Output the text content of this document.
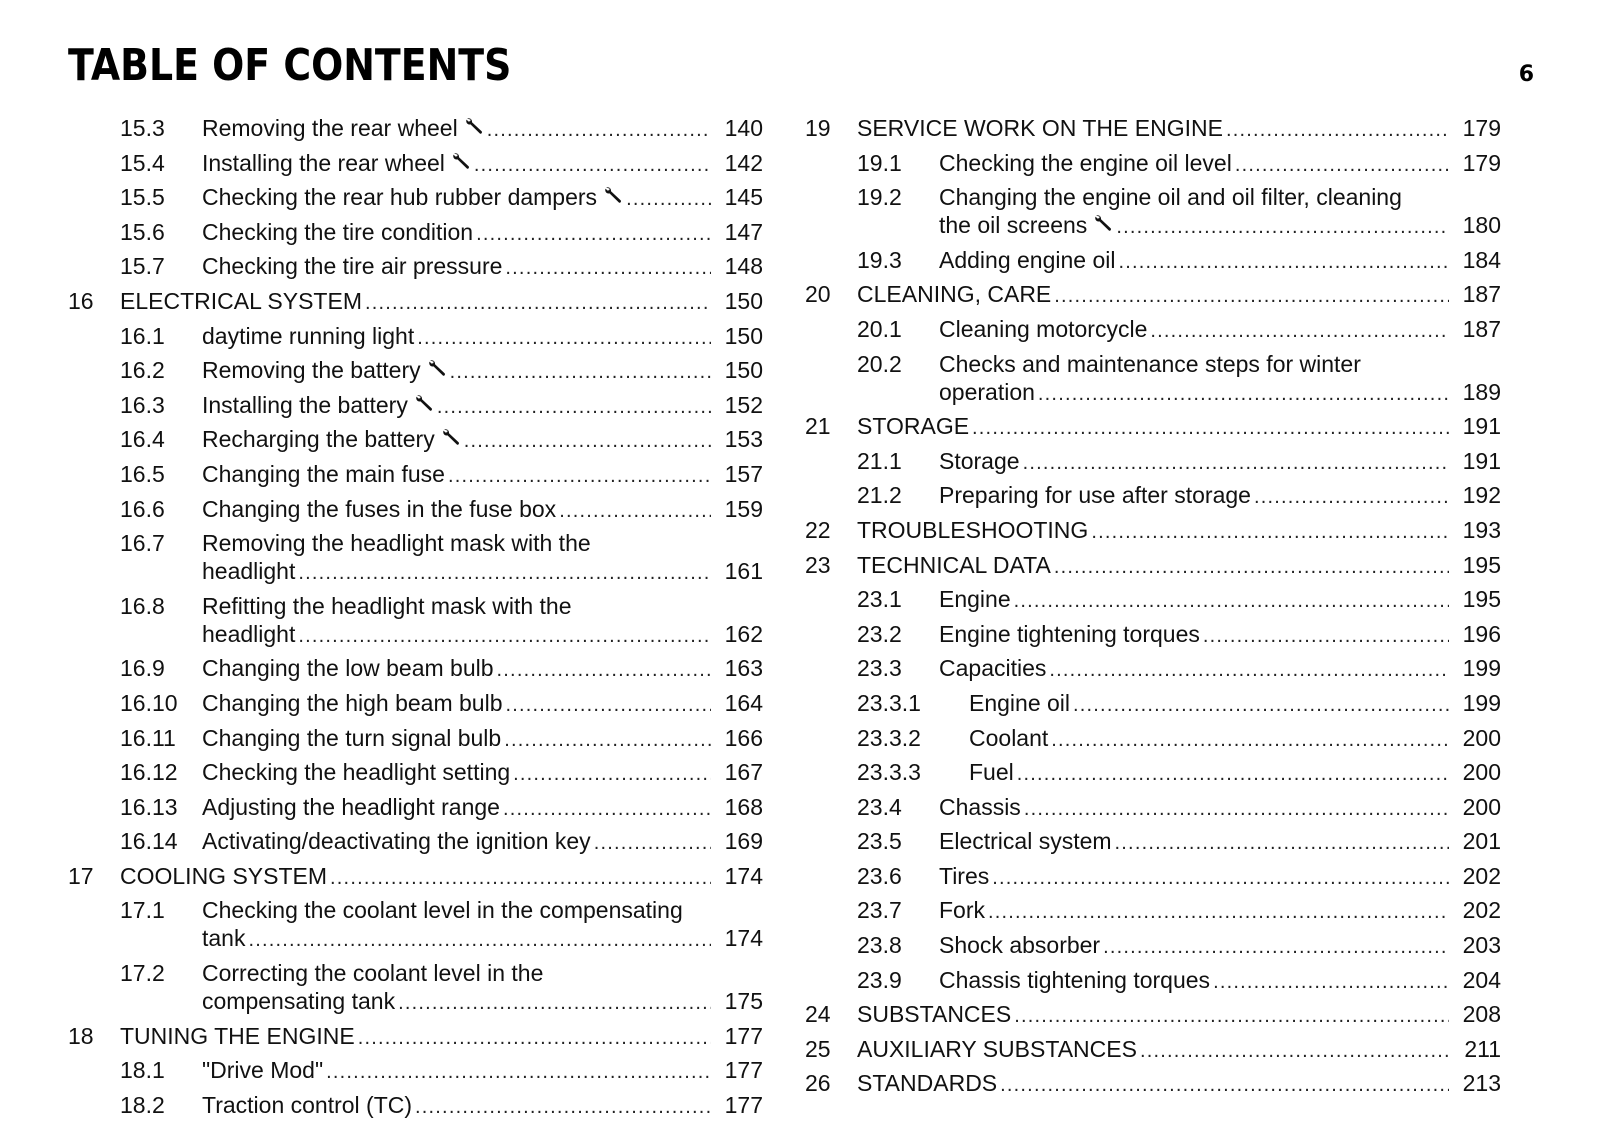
TABLE OF CONTENTS	6
15.3 Removing the rear wheel .....	140
15.4 Installing the rear wheel .....	142
15.5 Checking the rear hub rubber dampers .....	145
15.6 Checking the tire condition .....	147
15.7 Checking the tire air pressure .....	148
16 ELECTRICAL SYSTEM .....	150
16.1 daytime running light .....	150
16.2 Removing the battery .....	150
16.3 Installing the battery .....	152
16.4 Recharging the battery .....	153
16.5 Changing the main fuse .....	157
16.6 Changing the fuses in the fuse box .....	159
16.7 Removing the headlight mask with the
headlight .....	161
16.8 Refitting the headlight mask with the
headlight .....	162
16.9 Changing the low beam bulb .....	163
16.10 Changing the high beam bulb .....	164
16.11 Changing the turn signal bulb .....	166
16.12 Checking the headlight setting .....	167
16.13 Adjusting the headlight range .....	168
16.14 Activating/deactivating the ignition key .....	169
17 COOLING SYSTEM .....	174
17.1 Checking the coolant level in the compensating
tank .....	174
17.2 Correcting the coolant level in the
compensating tank .....	175
18 TUNING THE ENGINE .....	177
18.1 "Drive Mod" .....	177
18.2 Traction control (TC) .....	177
19 SERVICE WORK ON THE ENGINE .....	179
19.1 Checking the engine oil level .....	179
19.2 Changing the engine oil and oil filter, cleaning
the oil screens .....	180
19.3 Adding engine oil .....	184
20 CLEANING, CARE .....	187
20.1 Cleaning motorcycle .....	187
20.2 Checks and maintenance steps for winter
operation .....	189
21 STORAGE .....	191
21.1 Storage .....	191
21.2 Preparing for use after storage .....	192
22 TROUBLESHOOTING .....	193
23 TECHNICAL DATA .....	195
23.1 Engine .....	195
23.2 Engine tightening torques .....	196
23.3 Capacities .....	199
23.3.1 Engine oil .....	199
23.3.2 Coolant .....	200
23.3.3 Fuel .....	200
23.4 Chassis .....	200
23.5 Electrical system .....	201
23.6 Tires .....	202
23.7 Fork .....	202
23.8 Shock absorber .....	203
23.9 Chassis tightening torques .....	204
24 SUBSTANCES .....	208
25 AUXILIARY SUBSTANCES .....	211
26 STANDARDS .....	213
